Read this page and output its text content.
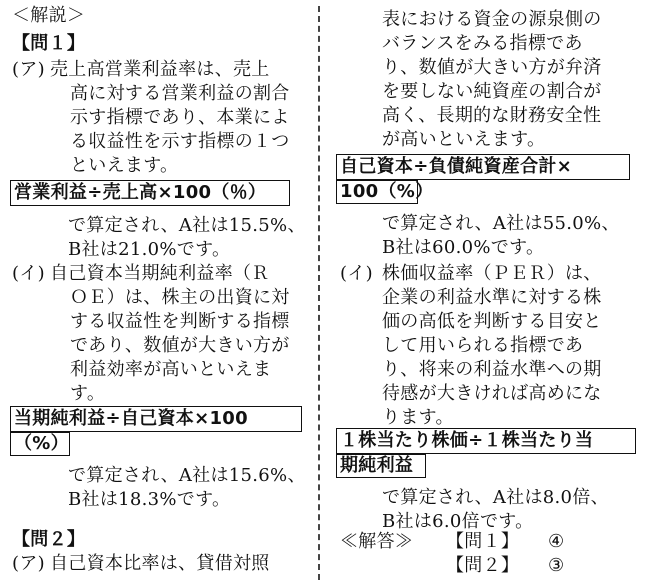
＜解説＞
【問１】
(ア) 売上高営業利益率は、売上
高に対する営業利益の割合
示す指標であり、本業によ
る収益性を示す指標の１つ
といえます。
営業利益÷売上高×100（％）
で算定され、A社は15.5%、
B社は21.0%です。
(イ) 自己資本当期純利益率（Ｒ
ＯＥ）は、株主の出資に対
する収益性を判断する指標
であり、数値が大きい方が
利益効率が高いといえま
す。
当期純利益÷自己資本×100
（%）
で算定され、A社は15.6%、
B社は18.3%です。
【問２】
(ア) 自己資本比率は、貸借対照
表における資金の源泉側の
バランスをみる指標であ
り、数値が大きい方が弁済
を要しない純資産の割合が
高く、長期的な財務安全性
が高いといえます。
自己資本÷負債純資産合計×
100（%）
で算定され、A社は55.0%、
B社は60.0%です。
(イ) 株価収益率（ＰＥＲ）は、
企業の利益水準に対する株
価の高低を判断する目安と
して用いられる指標であ
り、将来の利益水準への期
待感が大きければ高めにな
ります。
１株当たり株価÷１株当たり当
期純利益
で算定され、A社は8.0倍、
B社は6.0倍です。
≪解答≫ 【問１】 ④
【問２】 ③
